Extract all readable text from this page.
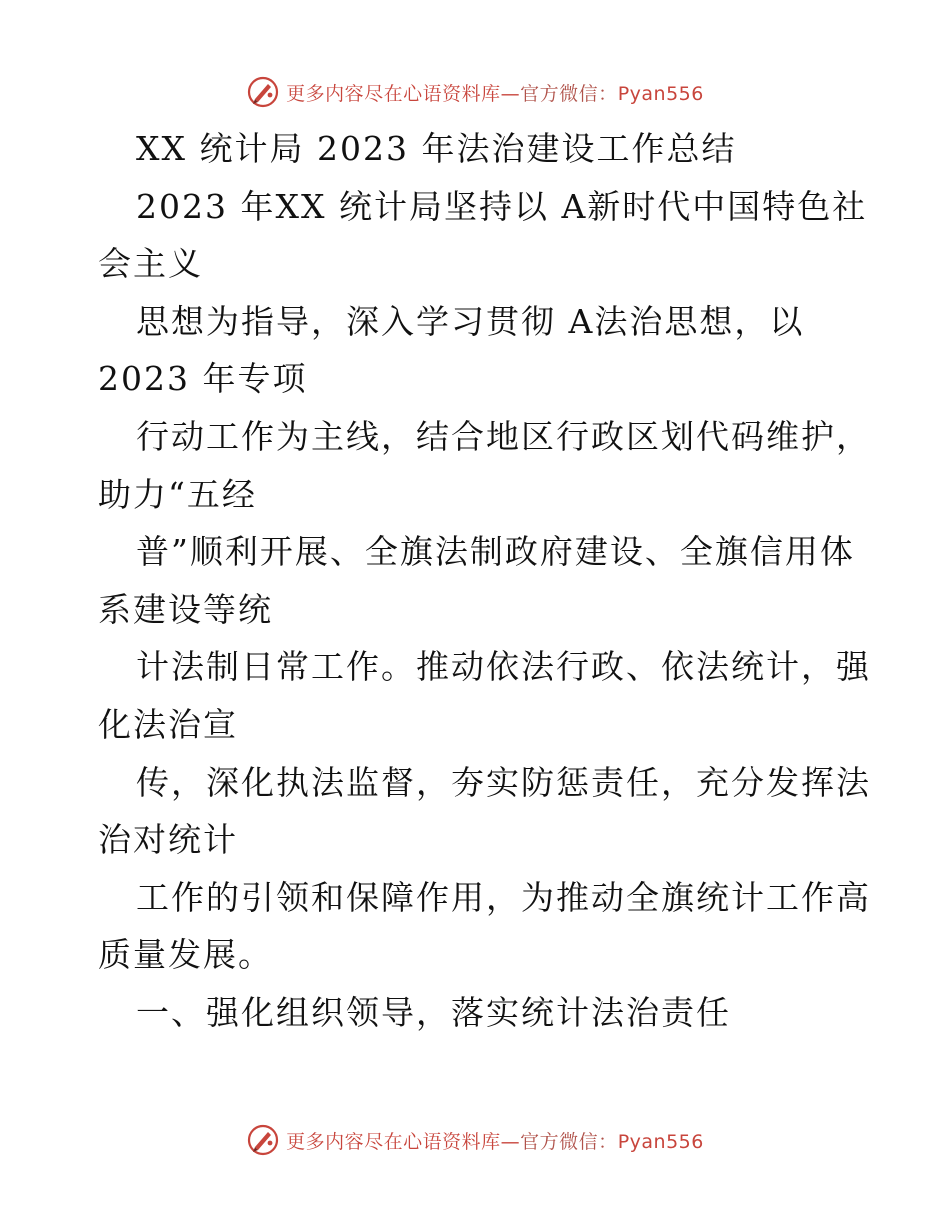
更多内容尽在心语资料库—官方微信：Pyan556
XX 统计局 2023 年法治建设工作总结
2023 年XX 统计局坚持以 A新时代中国特色社
会主义
思想为指导，深入学习贯彻 A法治思想，以
2023 年专项
行动工作为主线，结合地区行政区划代码维护，
助力“五经
普”顺利开展、全旗法制政府建设、全旗信用体
系建设等统
计法制日常工作。推动依法行政、依法统计，强
化法治宣
传，深化执法监督，夯实防惩责任，充分发挥法
治对统计
工作的引领和保障作用，为推动全旗统计工作高
质量发展。
一、强化组织领导，落实统计法治责任
更多内容尽在心语资料库—官方微信：Pyan556
